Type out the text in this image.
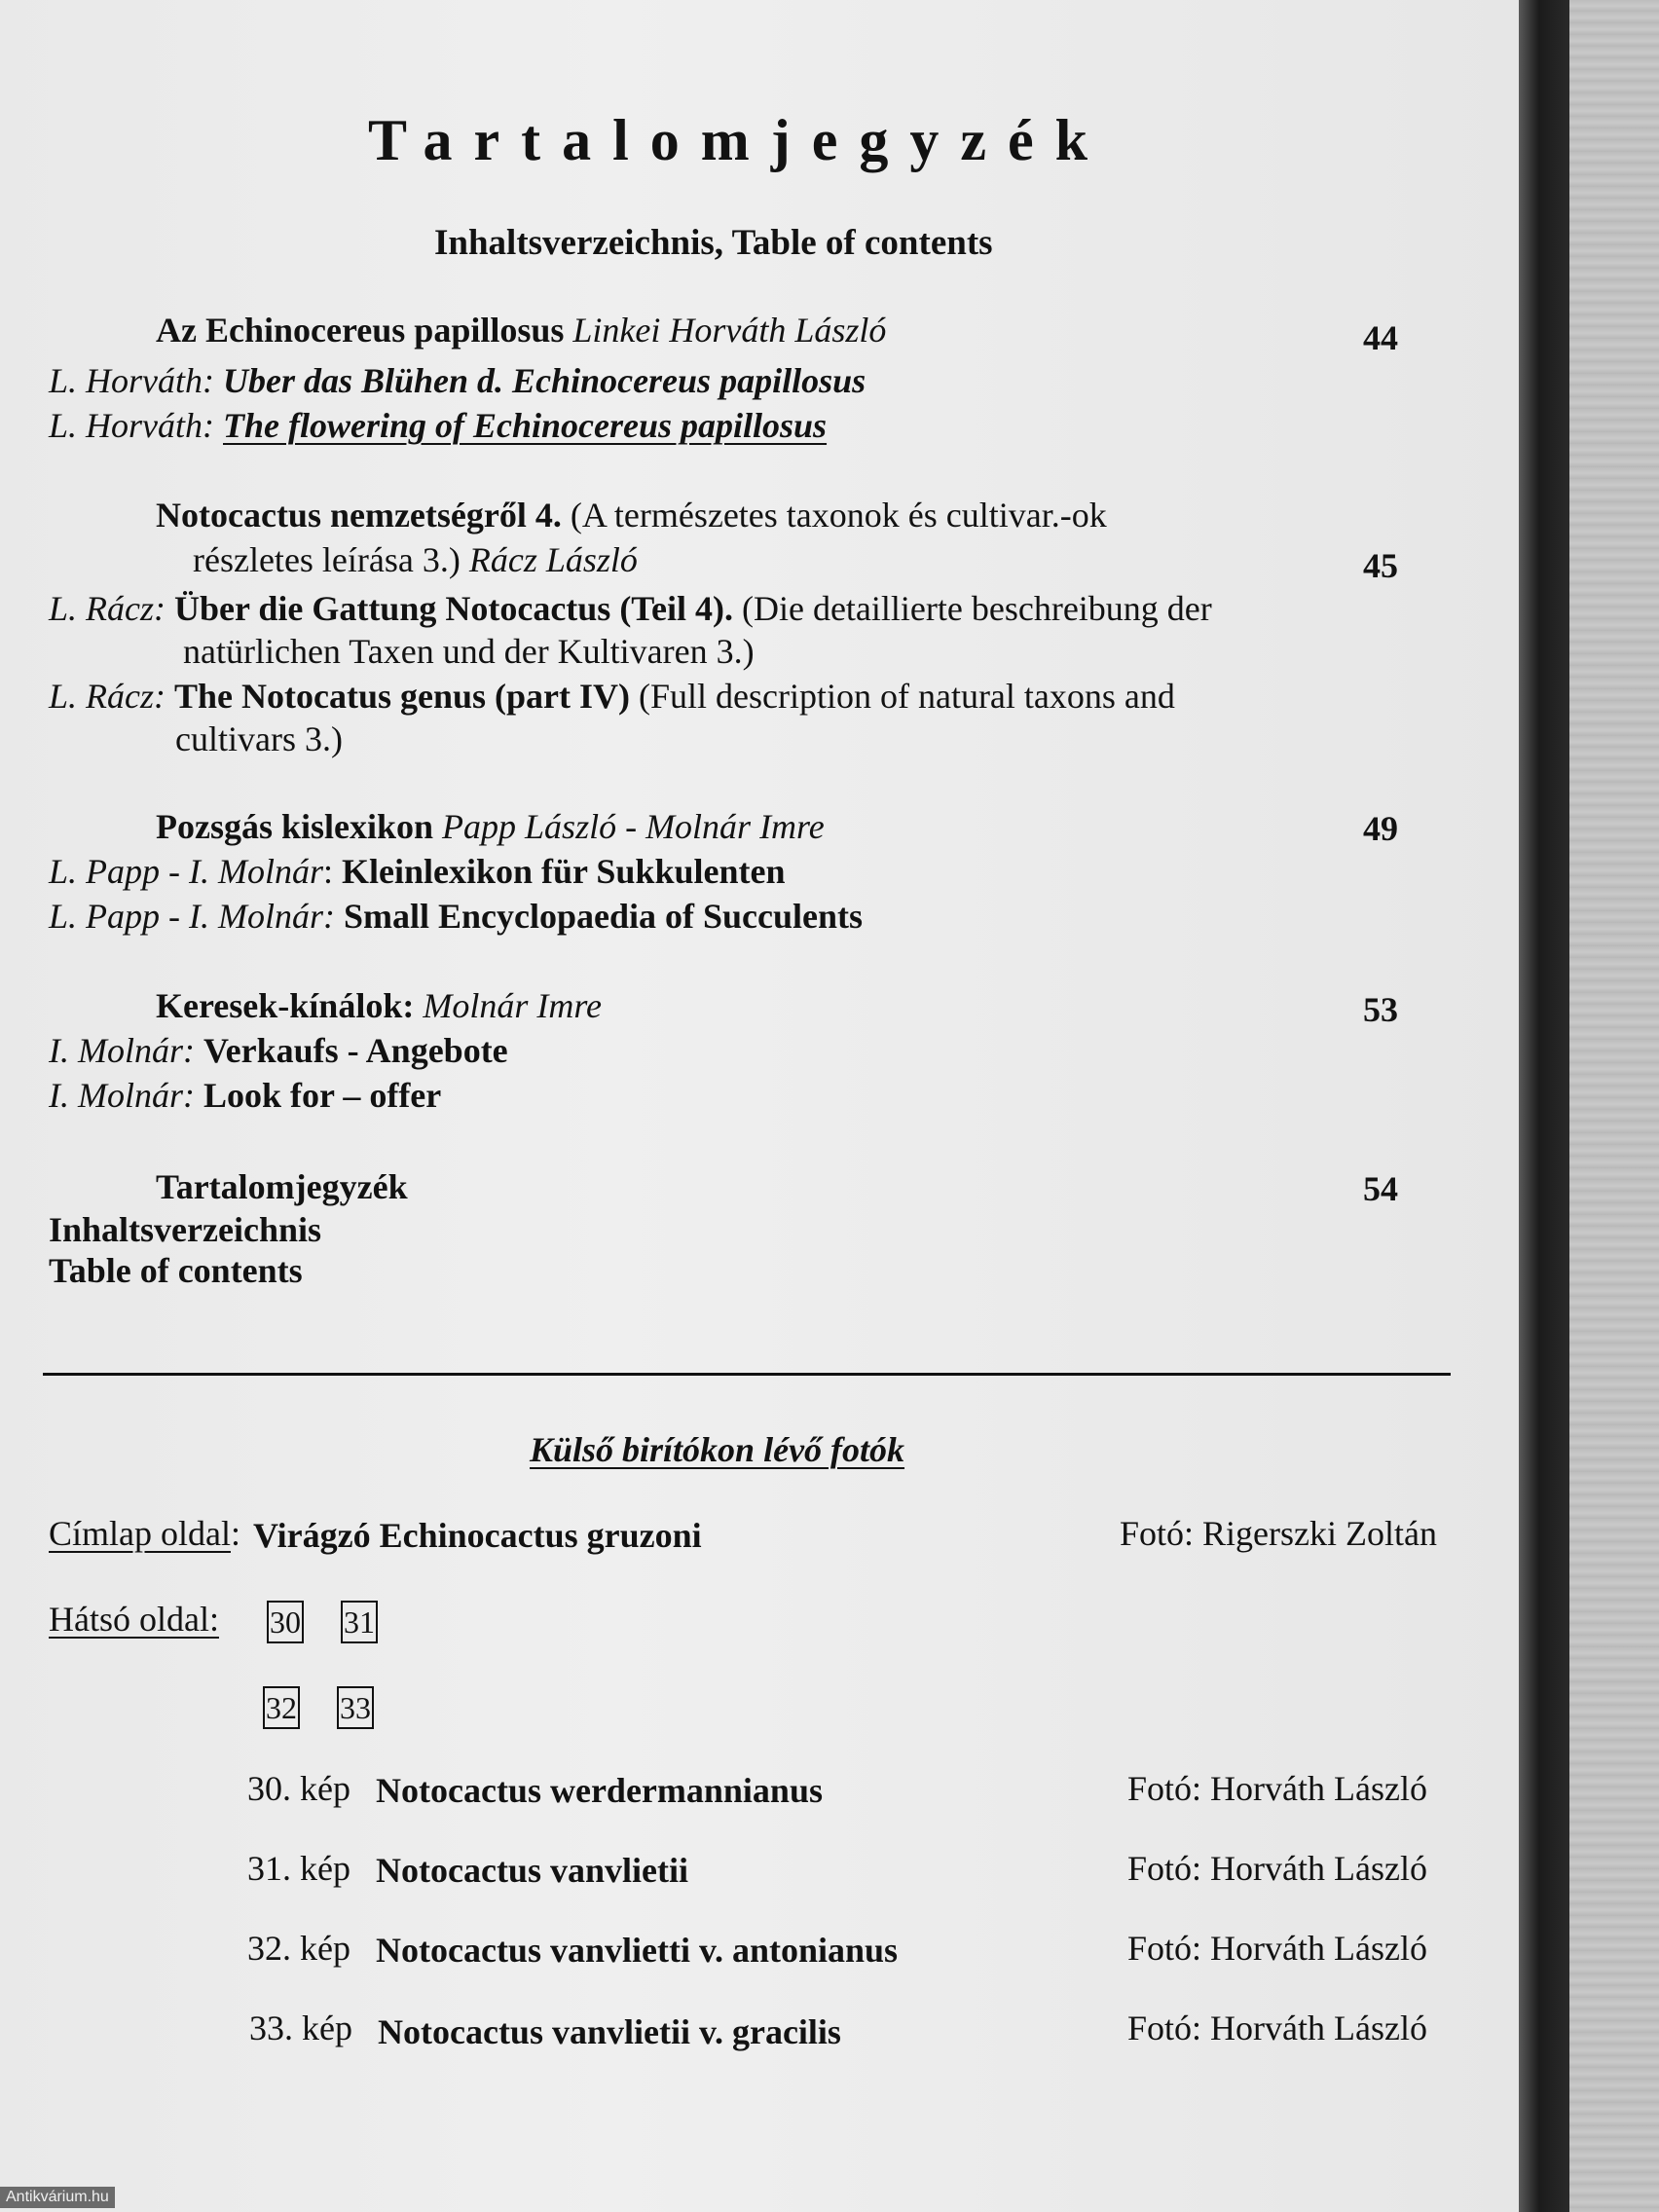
Tartalomjegyzék
Inhaltsverzeichnis, Table of contents
Az Echinocereus papillosus Linkei Horváth László	44
L. Horváth: Uber das Blühen d. Echinocereus papillosus
L. Horváth: The flowering of Echinocereus papillosus
Notocactus nemzetségről 4. (A természetes taxonok és cultivar.-ok
részletes leírása 3.) Rácz László	45
L. Rácz: Über die Gattung Notocactus (Teil 4). (Die detaillierte beschreibung der
natürlichen Taxen und der Kultivaren 3.)
L. Rácz: The Notocatus genus (part IV) (Full description of natural taxons and
cultivars 3.)
Pozsgás kislexikon Papp László - Molnár Imre	49
L. Papp - I. Molnár: Kleinlexikon für Sukkulenten
L. Papp - I. Molnár: Small Encyclopaedia of Succulents
Keresek-kínálok: Molnár Imre	53
I. Molnár: Verkaufs - Angebote
I. Molnár: Look for – offer
Tartalomjegyzék	54
Inhaltsverzeichnis
Table of contents
Külső birítókon lévő fotók
Címlap oldal: Virágzó Echinocactus gruzoni	Fotó: Rigerszki Zoltán
Hátsó oldal: 30 31
32 33
30. kép Notocactus werdermannianus	Fotó: Horváth László
31. kép Notocactus vanvlietii	Fotó: Horváth László
32. kép Notocactus vanvlietti v. antonianus	Fotó: Horváth László
33. kép Notocactus vanvlietii v. gracilis	Fotó: Horváth László
Antikvárium.hu
